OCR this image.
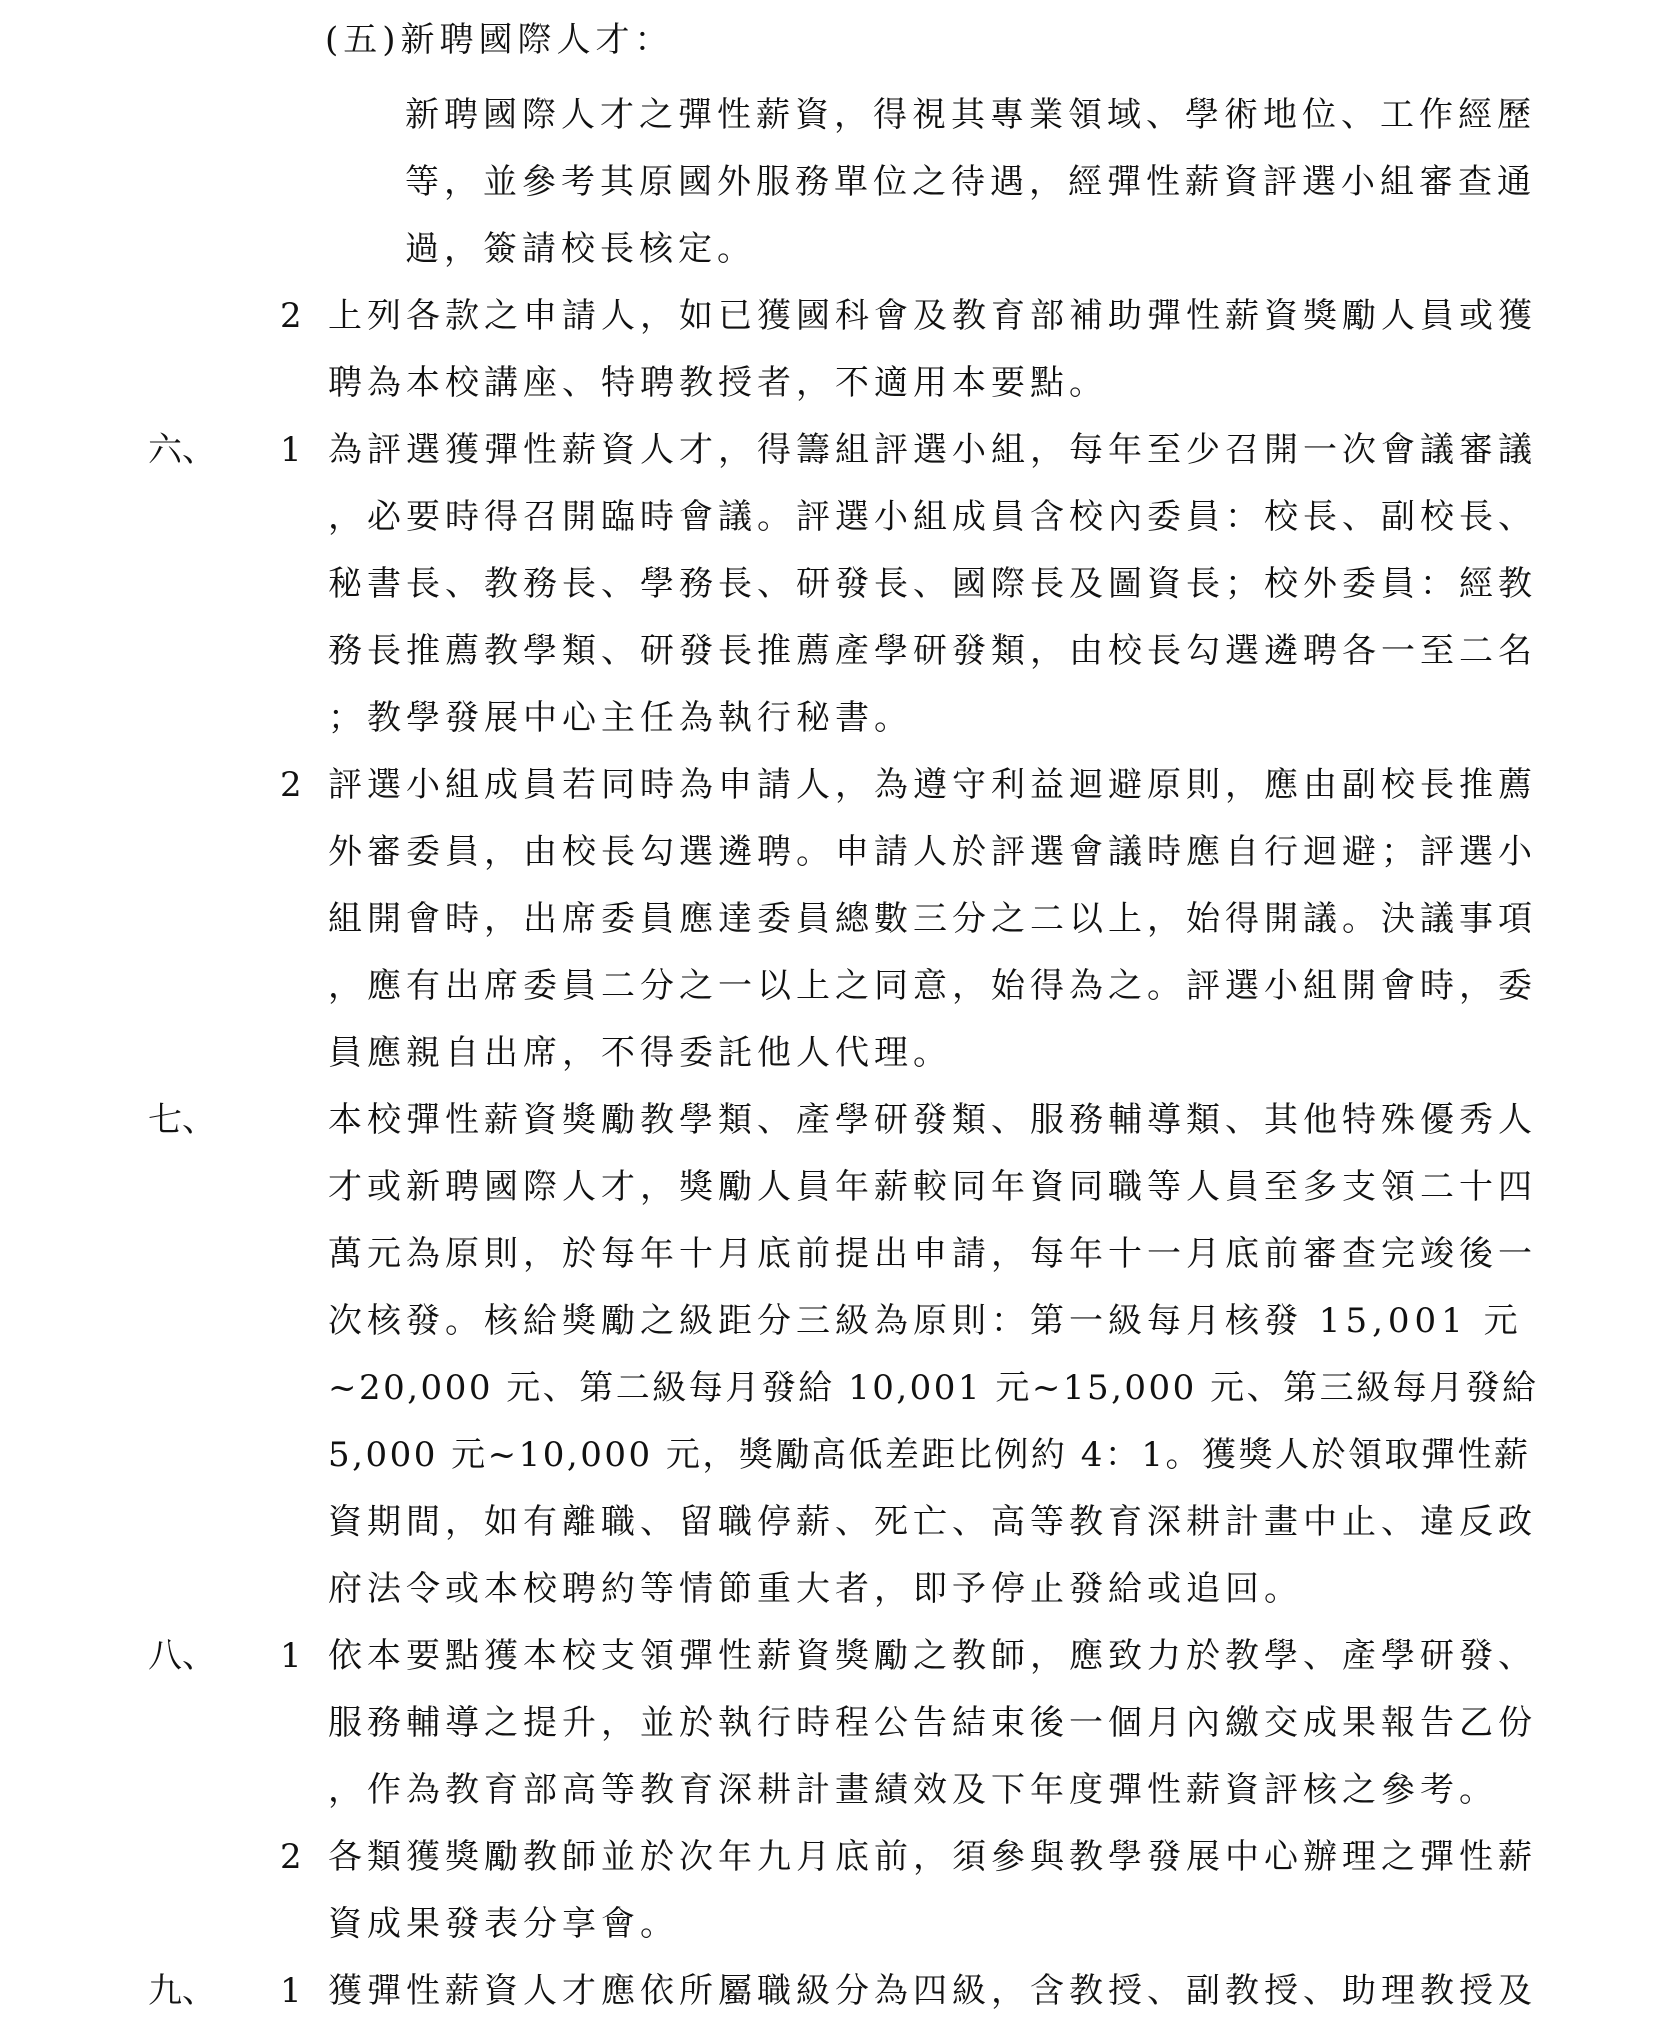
(五)新聘國際人才：
新聘國際人才之彈性薪資，得視其專業領域、學術地位、工作經歷
等，並參考其原國外服務單位之待遇，經彈性薪資評選小組審查通
過，簽請校長核定。
2 上列各款之申請人，如已獲國科會及教育部補助彈性薪資獎勵人員或獲
聘為本校講座、特聘教授者，不適用本要點。
六、 1 為評選獲彈性薪資人才，得籌組評選小組，每年至少召開一次會議審議
，必要時得召開臨時會議。評選小組成員含校內委員：校長、副校長、
秘書長、教務長、學務長、研發長、國際長及圖資長；校外委員：經教
務長推薦教學類、研發長推薦產學研發類，由校長勾選遴聘各一至二名
；教學發展中心主任為執行秘書。
2 評選小組成員若同時為申請人，為遵守利益迴避原則，應由副校長推薦
外審委員，由校長勾選遴聘。申請人於評選會議時應自行迴避；評選小
組開會時，出席委員應達委員總數三分之二以上，始得開議。決議事項
，應有出席委員二分之一以上之同意，始得為之。評選小組開會時，委
員應親自出席，不得委託他人代理。
七、	本校彈性薪資獎勵教學類、產學研發類、服務輔導類、其他特殊優秀人
才或新聘國際人才，獎勵人員年薪較同年資同職等人員至多支領二十四
萬元為原則，於每年十月底前提出申請，每年十一月底前審查完竣後一
次核發。核給獎勵之級距分三級為原則：第一級每月核發 15,001 元
~20,000 元、第二級每月發給 10,001 元~15,000 元、第三級每月發給
5,000 元~10,000 元，獎勵高低差距比例約 4：1。獲獎人於領取彈性薪
資期間，如有離職、留職停薪、死亡、高等教育深耕計畫中止、違反政
府法令或本校聘約等情節重大者，即予停止發給或追回。
八、 1 依本要點獲本校支領彈性薪資獎勵之教師，應致力於教學、產學研發、
服務輔導之提升，並於執行時程公告結束後一個月內繳交成果報告乙份
，作為教育部高等教育深耕計畫績效及下年度彈性薪資評核之參考。
2 各類獲獎勵教師並於次年九月底前，須參與教學發展中心辦理之彈性薪
資成果發表分享會。
九、 1 獲彈性薪資人才應依所屬職級分為四級，含教授、副教授、助理教授及
